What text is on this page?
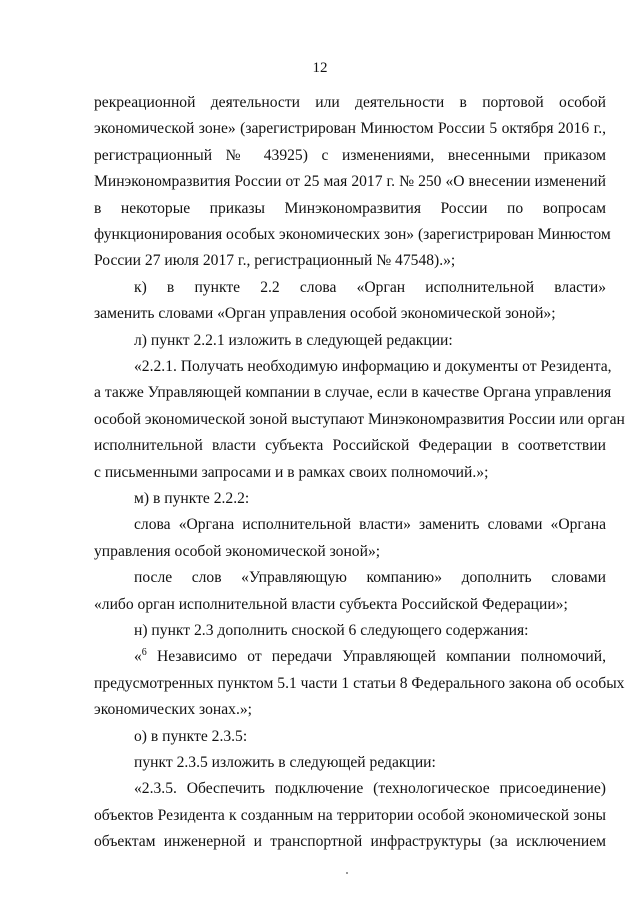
12
рекреационной деятельности или деятельности в портовой особой
экономической зоне» (зарегистрирован Минюстом России 5 октября 2016 г.,
регистрационный № 43925) с изменениями, внесенными приказом
Минэкономразвития России от 25 мая 2017 г. № 250 «О внесении изменений
в некоторые приказы Минэкономразвития России по вопросам
функционирования особых экономических зон» (зарегистрирован Минюстом
России 27 июля 2017 г., регистрационный № 47548).»;
к) в пункте 2.2 слова «Орган исполнительной власти»
заменить словами «Орган управления особой экономической зоной»;
л) пункт 2.2.1 изложить в следующей редакции:
«2.2.1. Получать необходимую информацию и документы от Резидента,
а также Управляющей компании в случае, если в качестве Органа управления
особой экономической зоной выступают Минэкономразвития России или орган
исполнительной власти субъекта Российской Федерации в соответствии
с письменными запросами и в рамках своих полномочий.»;
м) в пункте 2.2.2:
слова «Органа исполнительной власти» заменить словами «Органа
управления особой экономической зоной»;
после слов «Управляющую компанию» дополнить словами
«либо орган исполнительной власти субъекта Российской Федерации»;
н) пункт 2.3 дополнить сноской 6 следующего содержания:
«$^6$ Независимо от передачи Управляющей компании полномочий,
предусмотренных пунктом 5.1 части 1 статьи 8 Федерального закона об особых
экономических зонах.»;
о) в пункте 2.3.5:
пункт 2.3.5 изложить в следующей редакции:
«2.3.5. Обеспечить подключение (технологическое присоединение)
объектов Резидента к созданным на территории особой экономической зоны
объектам инженерной и транспортной инфраструктуры (за исключением
